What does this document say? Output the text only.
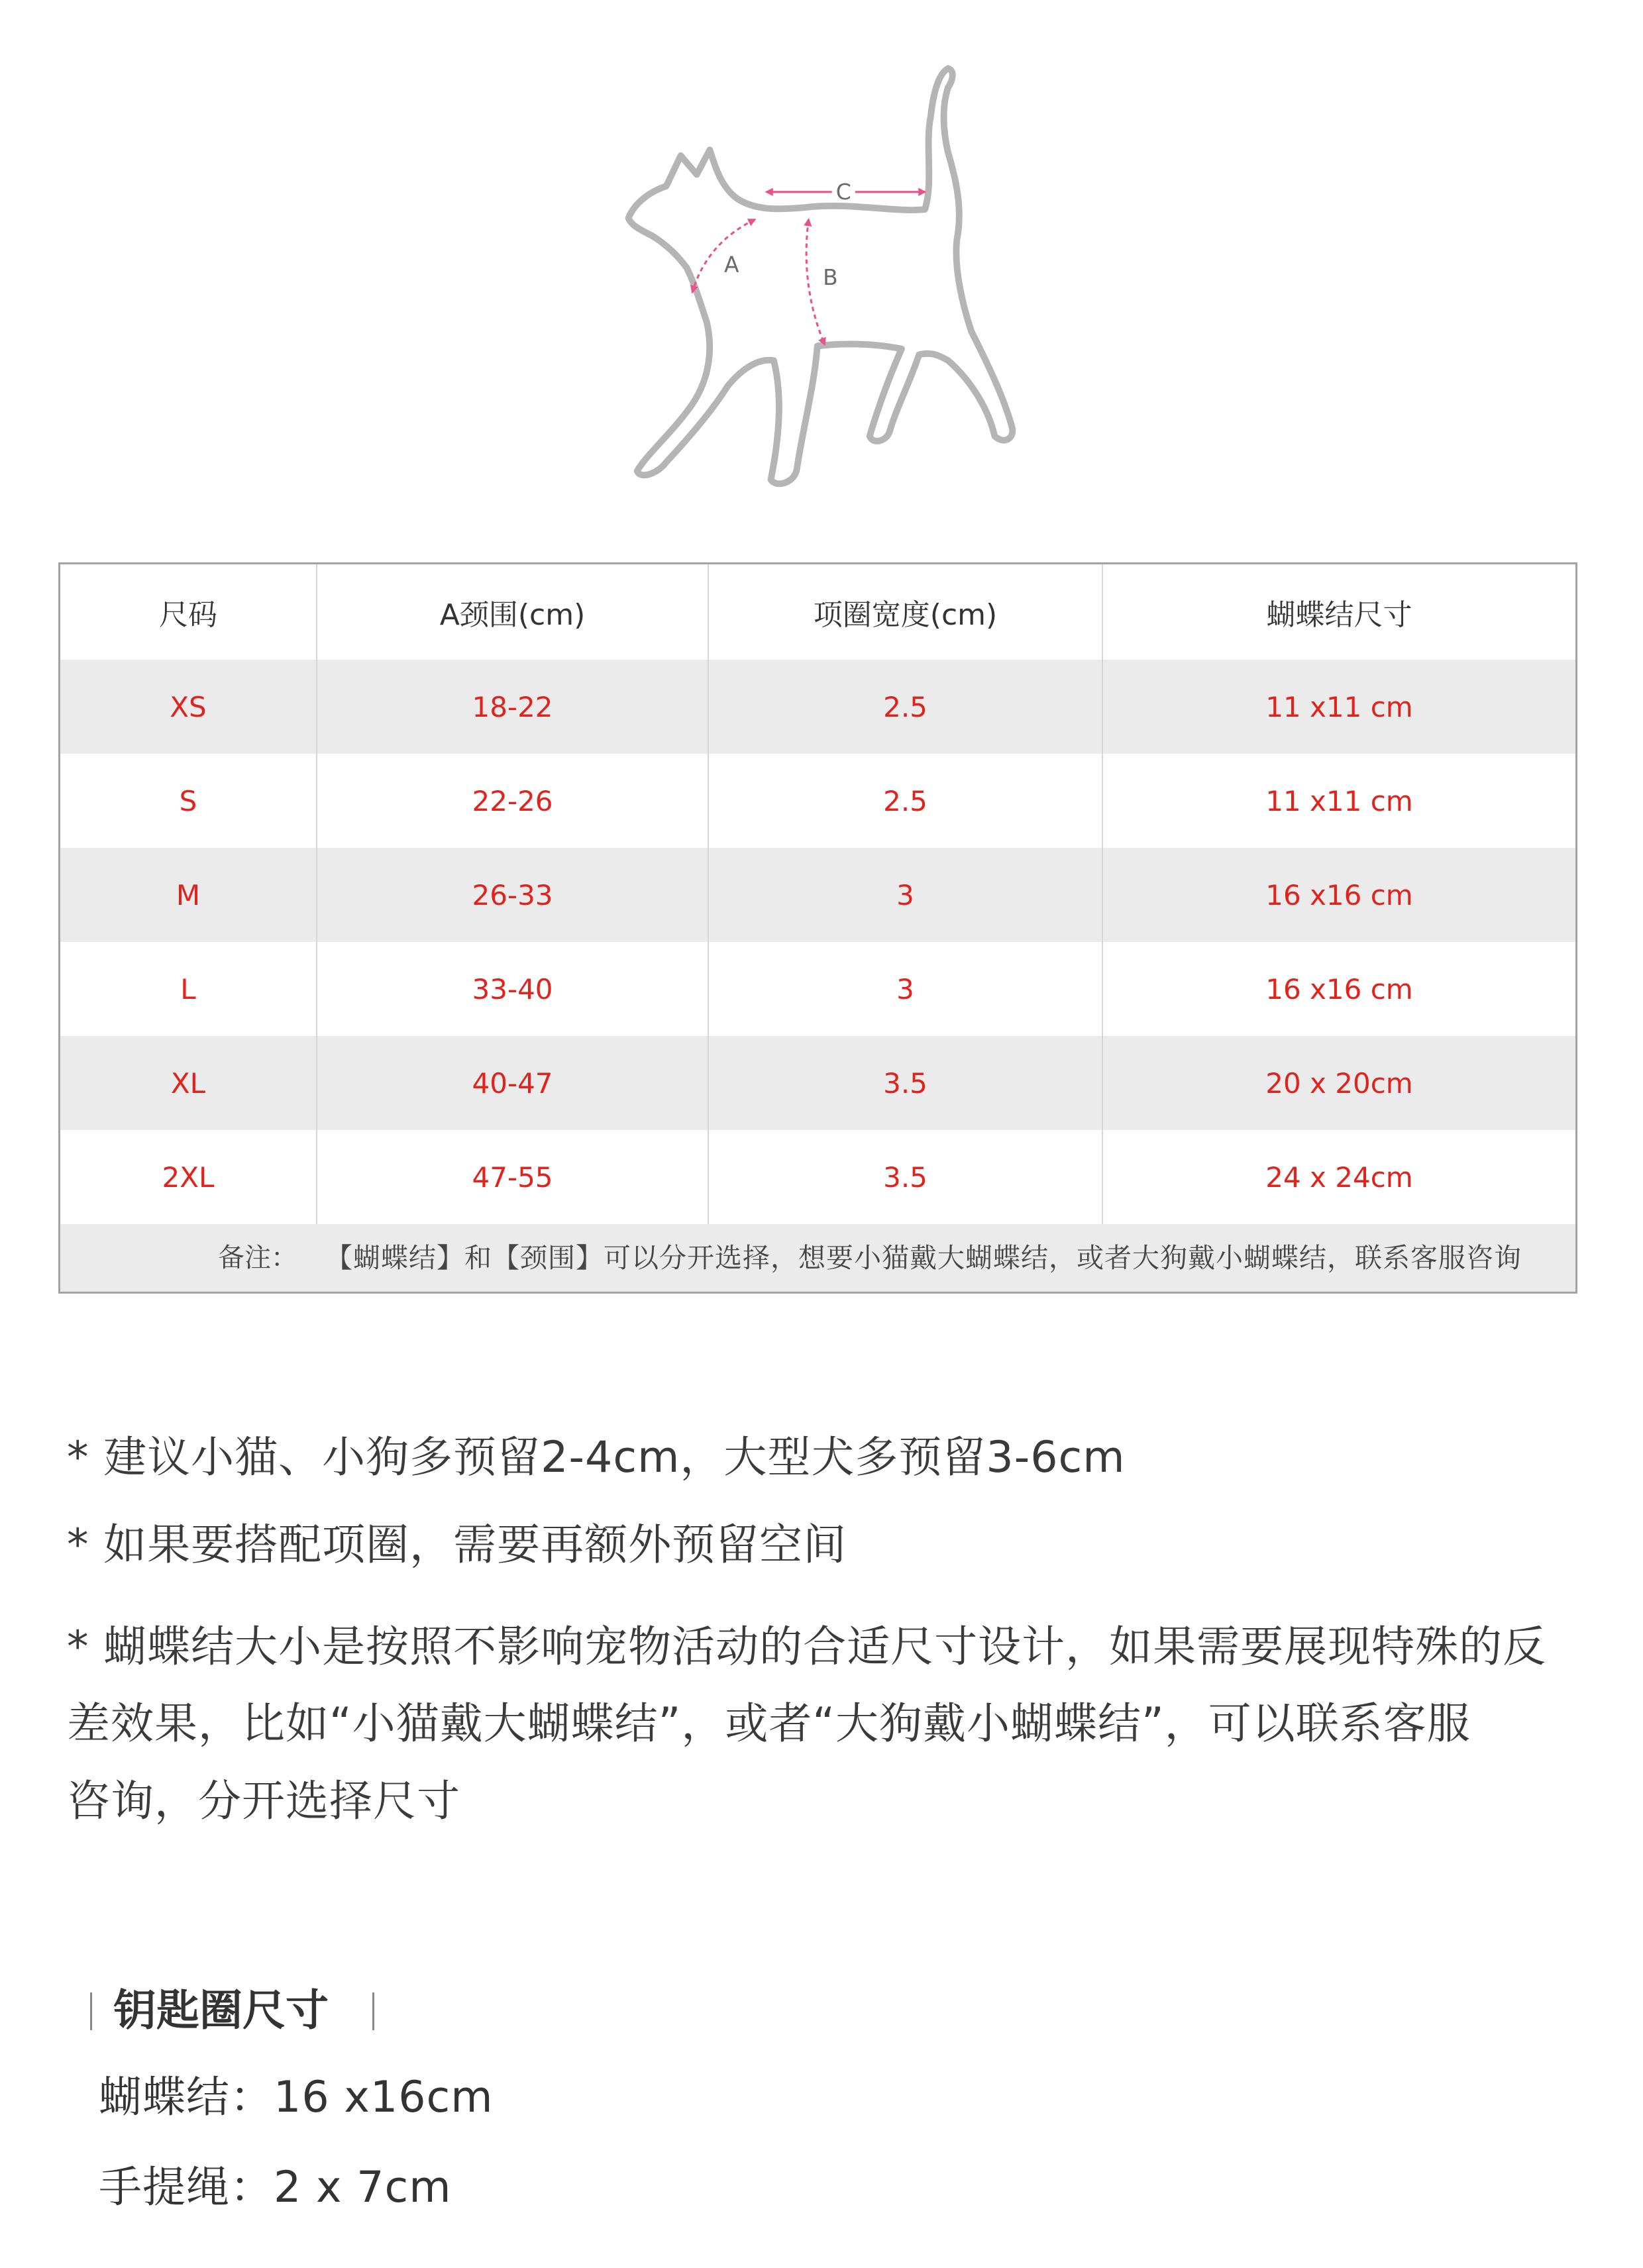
A
B
C
尺码	A颈围(cm)	项圈宽度(cm)	蝴蝶结尺寸
XS	18-22	2.5	11 x11 cm
S	22-26	2.5	11 x11 cm
M	26-33	3	16 x16 cm
L	33-40	3	16 x16 cm
XL	40-47	3.5	20 x 20cm
2XL	47-55	3.5	24 x 24cm
备注： 【蝴蝶结】和【颈围】可以分开选择，想要小猫戴大蝴蝶结，或者大狗戴小蝴蝶结，联系客服咨询
* 建议小猫、小狗多预留2-4cm，大型犬多预留3-6cm
* 如果要搭配项圈，需要再额外预留空间
* 蝴蝶结大小是按照不影响宠物活动的合适尺寸设计，如果需要展现特殊的反
差效果，比如“小猫戴大蝴蝶结”，或者“大狗戴小蝴蝶结”，可以联系客服
咨询，分开选择尺寸
钥匙圈尺寸
蝴蝶结：16 x16cm
手提绳：2 x 7cm
